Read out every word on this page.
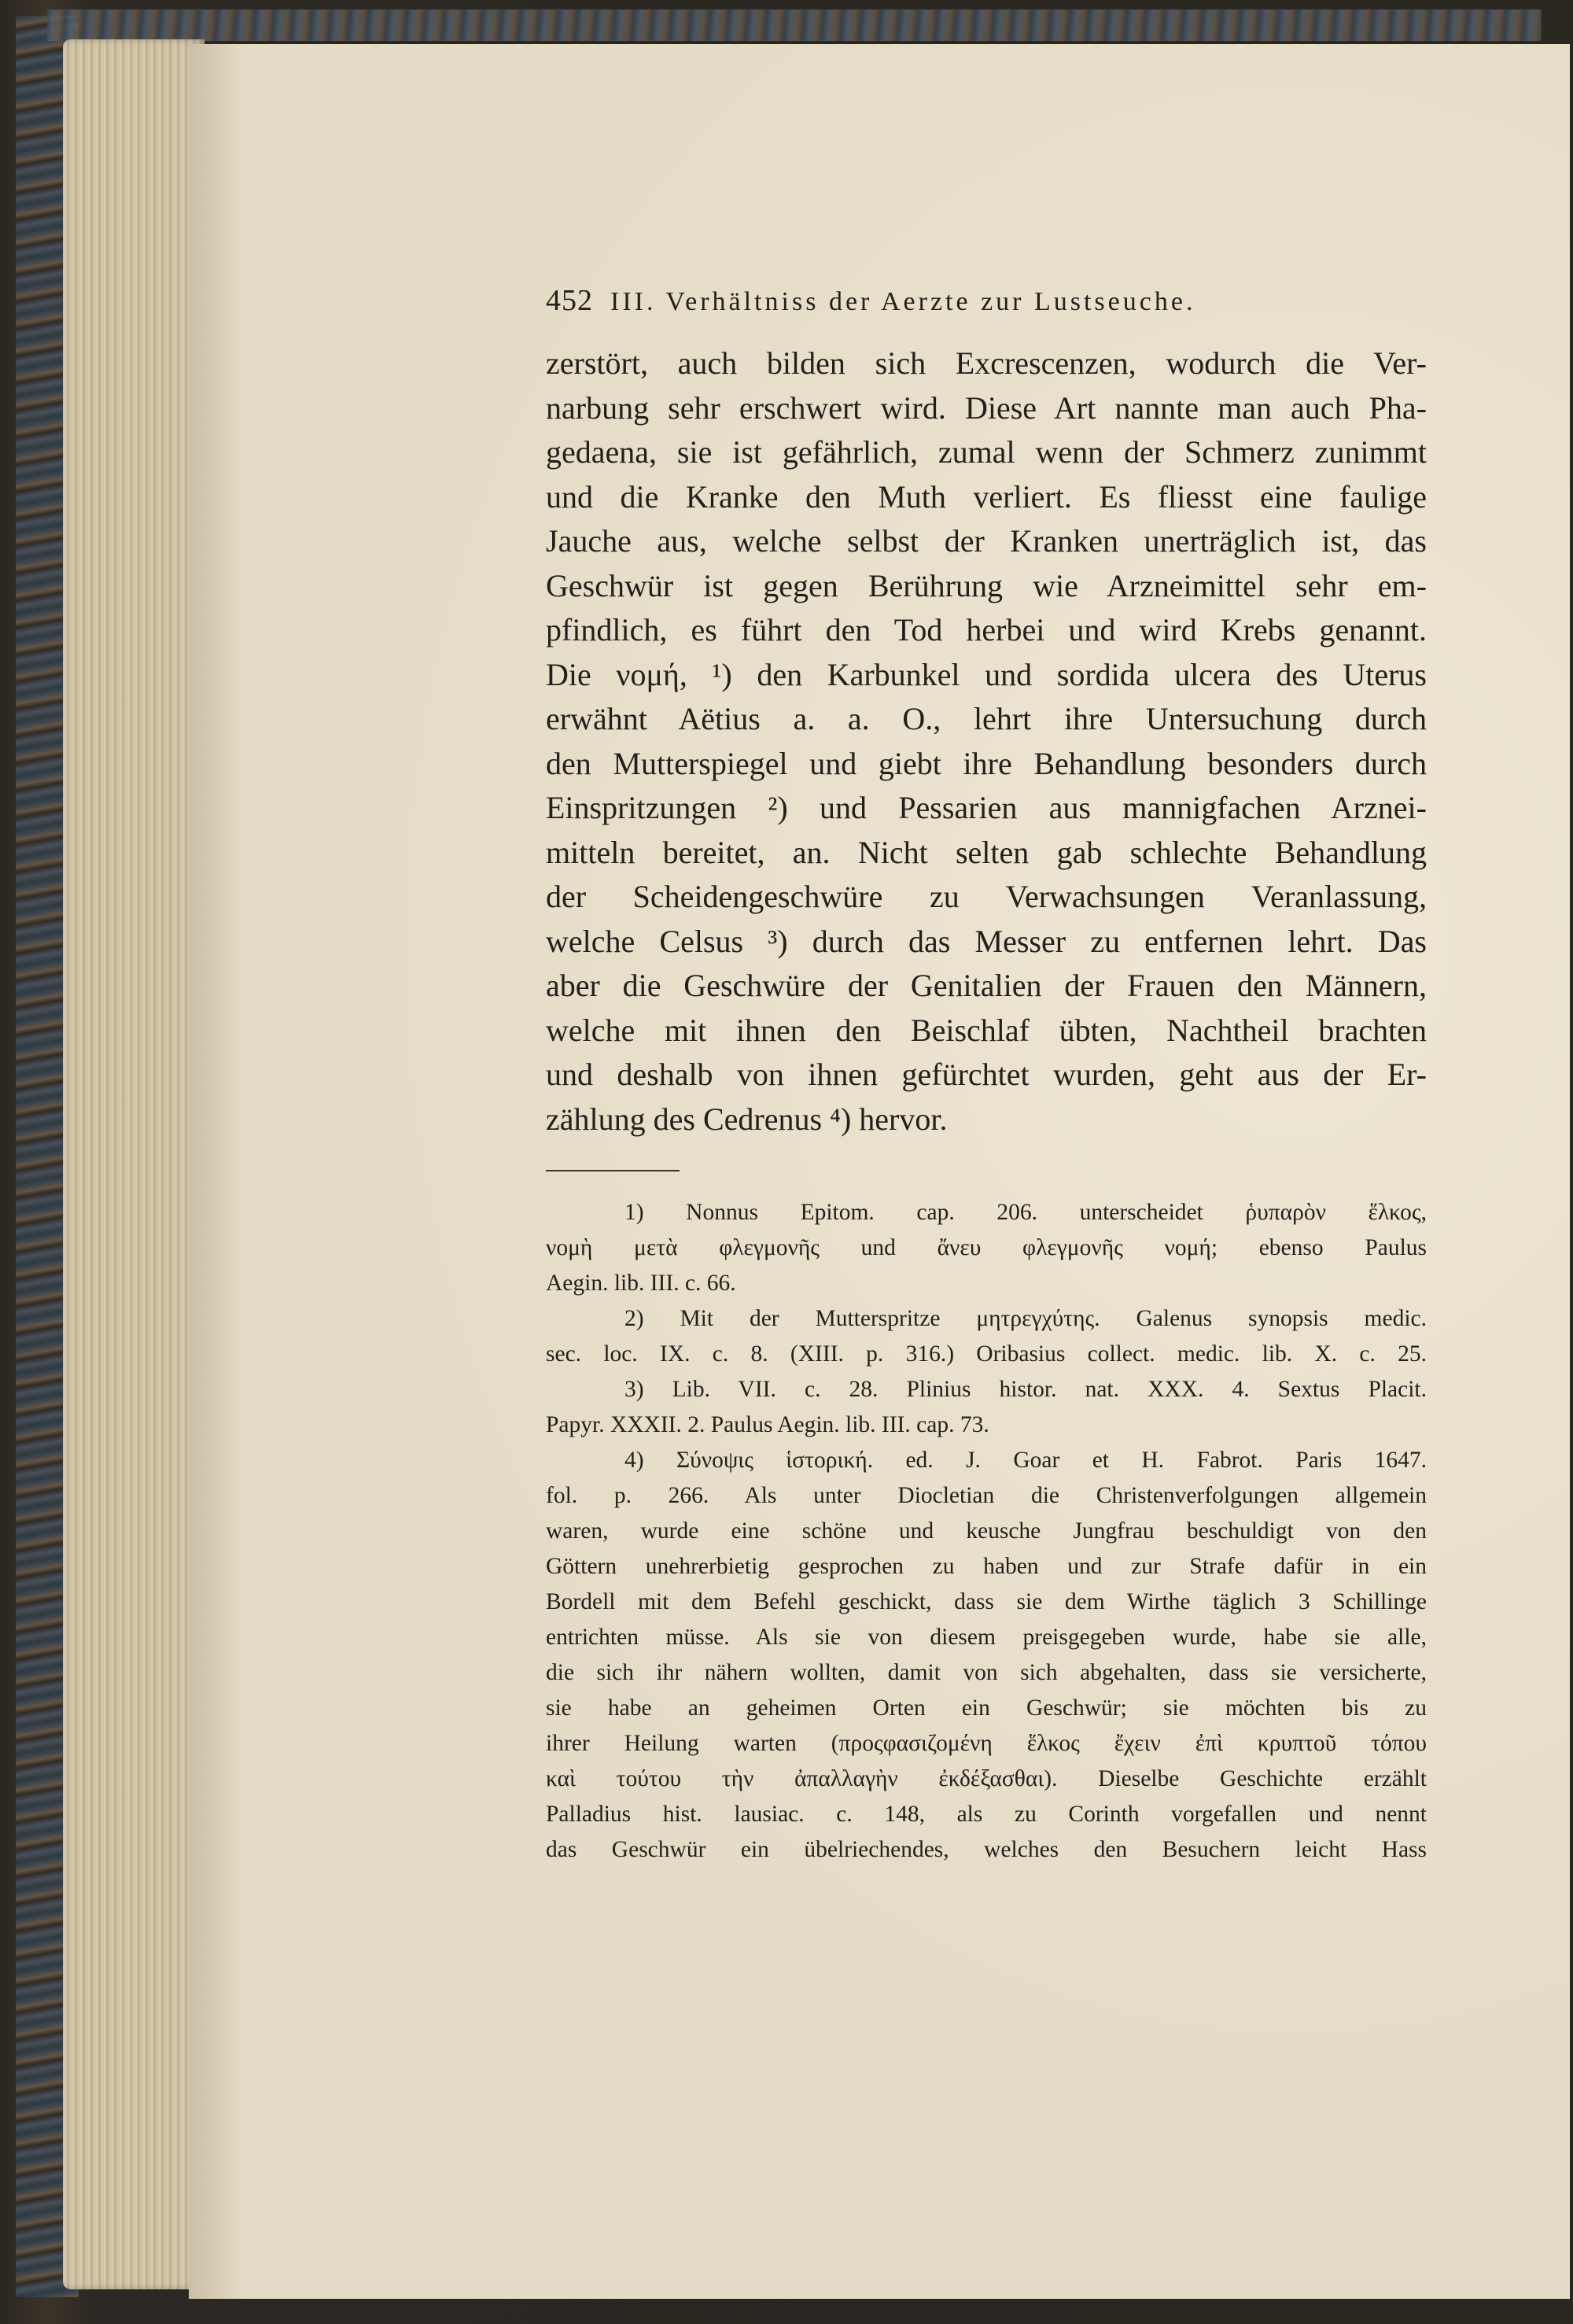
452 III. Verhältniss der Aerzte zur Lustseuche.
zerstört, auch bilden sich Excrescenzen, wodurch die Ver-
narbung sehr erschwert wird. Diese Art nannte man auch Pha-
gedaena, sie ist gefährlich, zumal wenn der Schmerz zunimmt
und die Kranke den Muth verliert. Es fliesst eine faulige
Jauche aus, welche selbst der Kranken unerträglich ist, das
Geschwür ist gegen Berührung wie Arzneimittel sehr em-
pfindlich, es führt den Tod herbei und wird Krebs genannt.
Die νομή, ¹) den Karbunkel und sordida ulcera des Uterus
erwähnt Aëtius a. a. O., lehrt ihre Untersuchung durch
den Mutterspiegel und giebt ihre Behandlung besonders durch
Einspritzungen ²) und Pessarien aus mannigfachen Arznei-
mitteln bereitet, an. Nicht selten gab schlechte Behandlung
der Scheidengeschwüre zu Verwachsungen Veranlassung,
welche Celsus ³) durch das Messer zu entfernen lehrt. Das
aber die Geschwüre der Genitalien der Frauen den Männern,
welche mit ihnen den Beischlaf übten, Nachtheil brachten
und deshalb von ihnen gefürchtet wurden, geht aus der Er-
zählung des Cedrenus ⁴) hervor.
1) Nonnus Epitom. cap. 206. unterscheidet ῥυπαρὸν ἕλκος,
νομὴ μετὰ φλεγμονῆς und ἄνευ φλεγμονῆς νομή; ebenso Paulus
Aegin. lib. III. c. 66.
2) Mit der Mutterspritze μητρεγχύτης. Galenus synopsis medic.
sec. loc. IX. c. 8. (XIII. p. 316.) Oribasius collect. medic. lib. X. c. 25.
3) Lib. VII. c. 28. Plinius histor. nat. XXX. 4. Sextus Placit.
Papyr. XXXII. 2. Paulus Aegin. lib. III. cap. 73.
4) Σύνοψις ἱστορική. ed. J. Goar et H. Fabrot. Paris 1647.
fol. p. 266. Als unter Diocletian die Christenverfolgungen allgemein
waren, wurde eine schöne und keusche Jungfrau beschuldigt von den
Göttern unehrerbietig gesprochen zu haben und zur Strafe dafür in ein
Bordell mit dem Befehl geschickt, dass sie dem Wirthe täglich 3 Schillinge
entrichten müsse. Als sie von diesem preisgegeben wurde, habe sie alle,
die sich ihr nähern wollten, damit von sich abgehalten, dass sie versicherte,
sie habe an geheimen Orten ein Geschwür; sie möchten bis zu
ihrer Heilung warten (προςφασιζομένη ἕλκος ἔχειν ἐπὶ κρυπτοῦ τόπου
καὶ τούτου τὴν ἀπαλλαγὴν ἐκδέξασθαι). Dieselbe Geschichte erzählt
Palladius hist. lausiac. c. 148, als zu Corinth vorgefallen und nennt
das Geschwür ein übelriechendes, welches den Besuchern leicht Hass
